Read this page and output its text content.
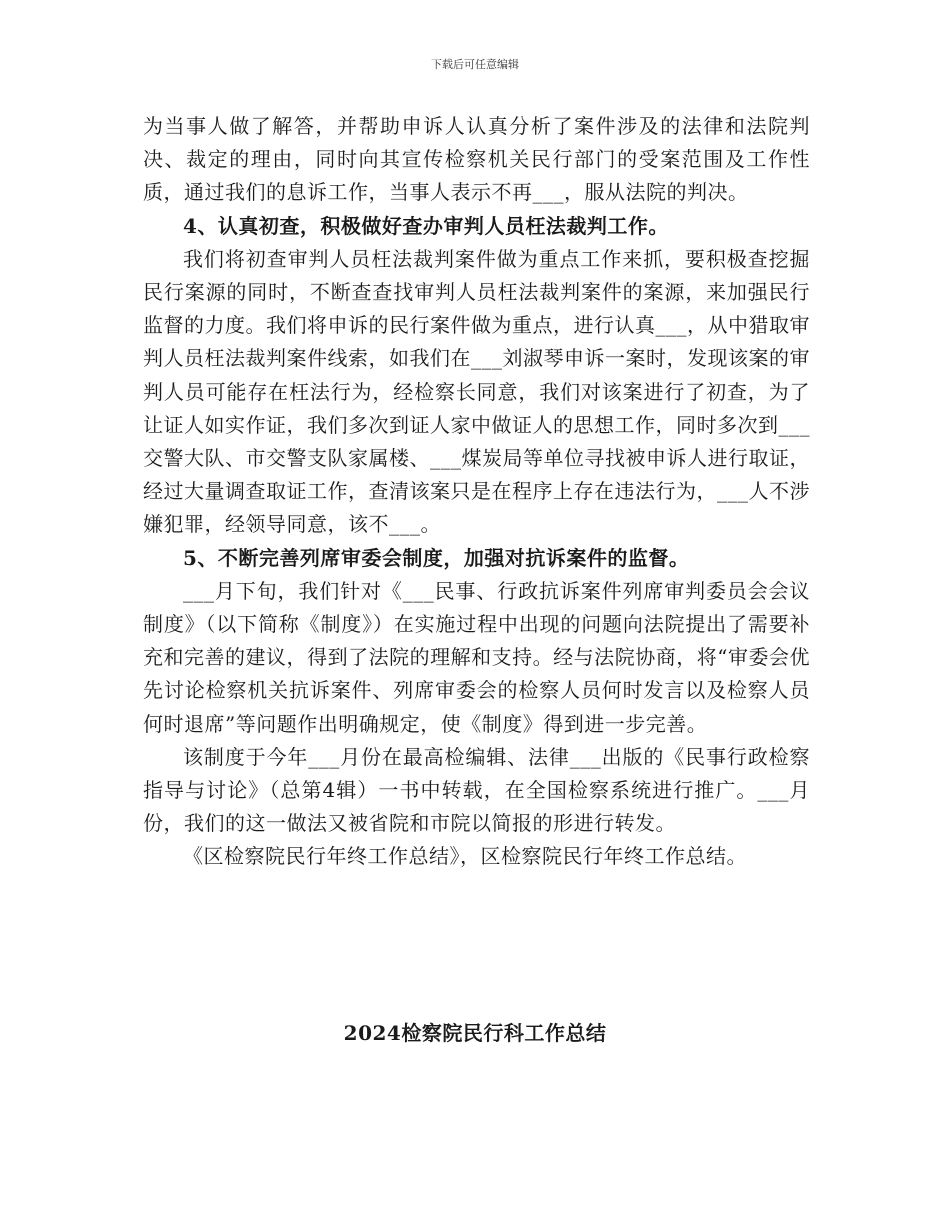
下载后可任意编辑

为当事人做了解答，并帮助申诉人认真分析了案件涉及的法律和法院判决、裁定的理由，同时向其宣传检察机关民行部门的受案范围及工作性质，通过我们的息诉工作，当事人表示不再___，服从法院的判决。

4、认真初查，积极做好查办审判人员枉法裁判工作。

我们将初查审判人员枉法裁判案件做为重点工作来抓，要积极查挖掘民行案源的同时，不断查查找审判人员枉法裁判案件的案源，来加强民行监督的力度。我们将申诉的民行案件做为重点，进行认真___，从中猎取审判人员枉法裁判案件线索，如我们在___刘淑琴申诉一案时，发现该案的审判人员可能存在枉法行为，经检察长同意，我们对该案进行了初查，为了让证人如实作证，我们多次到证人家中做证人的思想工作，同时多次到___交警大队、市交警支队家属楼、___煤炭局等单位寻找被申诉人进行取证，经过大量调查取证工作，查清该案只是在程序上存在违法行为，___人不涉嫌犯罪，经领导同意，该不___。

5、不断完善列席审委会制度，加强对抗诉案件的监督。

___月下旬，我们针对《___民事、行政抗诉案件列席审判委员会会议制度》（以下简称《制度》）在实施过程中出现的问题向法院提出了需要补充和完善的建议，得到了法院的理解和支持。经与法院协商，将“审委会优先讨论检察机关抗诉案件、列席审委会的检察人员何时发言以及检察人员何时退席”等问题作出明确规定，使《制度》得到进一步完善。

该制度于今年___月份在最高检编辑、法律___出版的《民事行政检察指导与讨论》（总第4辑）一书中转载，在全国检察系统进行推广。___月份，我们的这一做法又被省院和市院以简报的形进行转发。

《区检察院民行年终工作总结》，区检察院民行年终工作总结。

2024检察院民行科工作总结
